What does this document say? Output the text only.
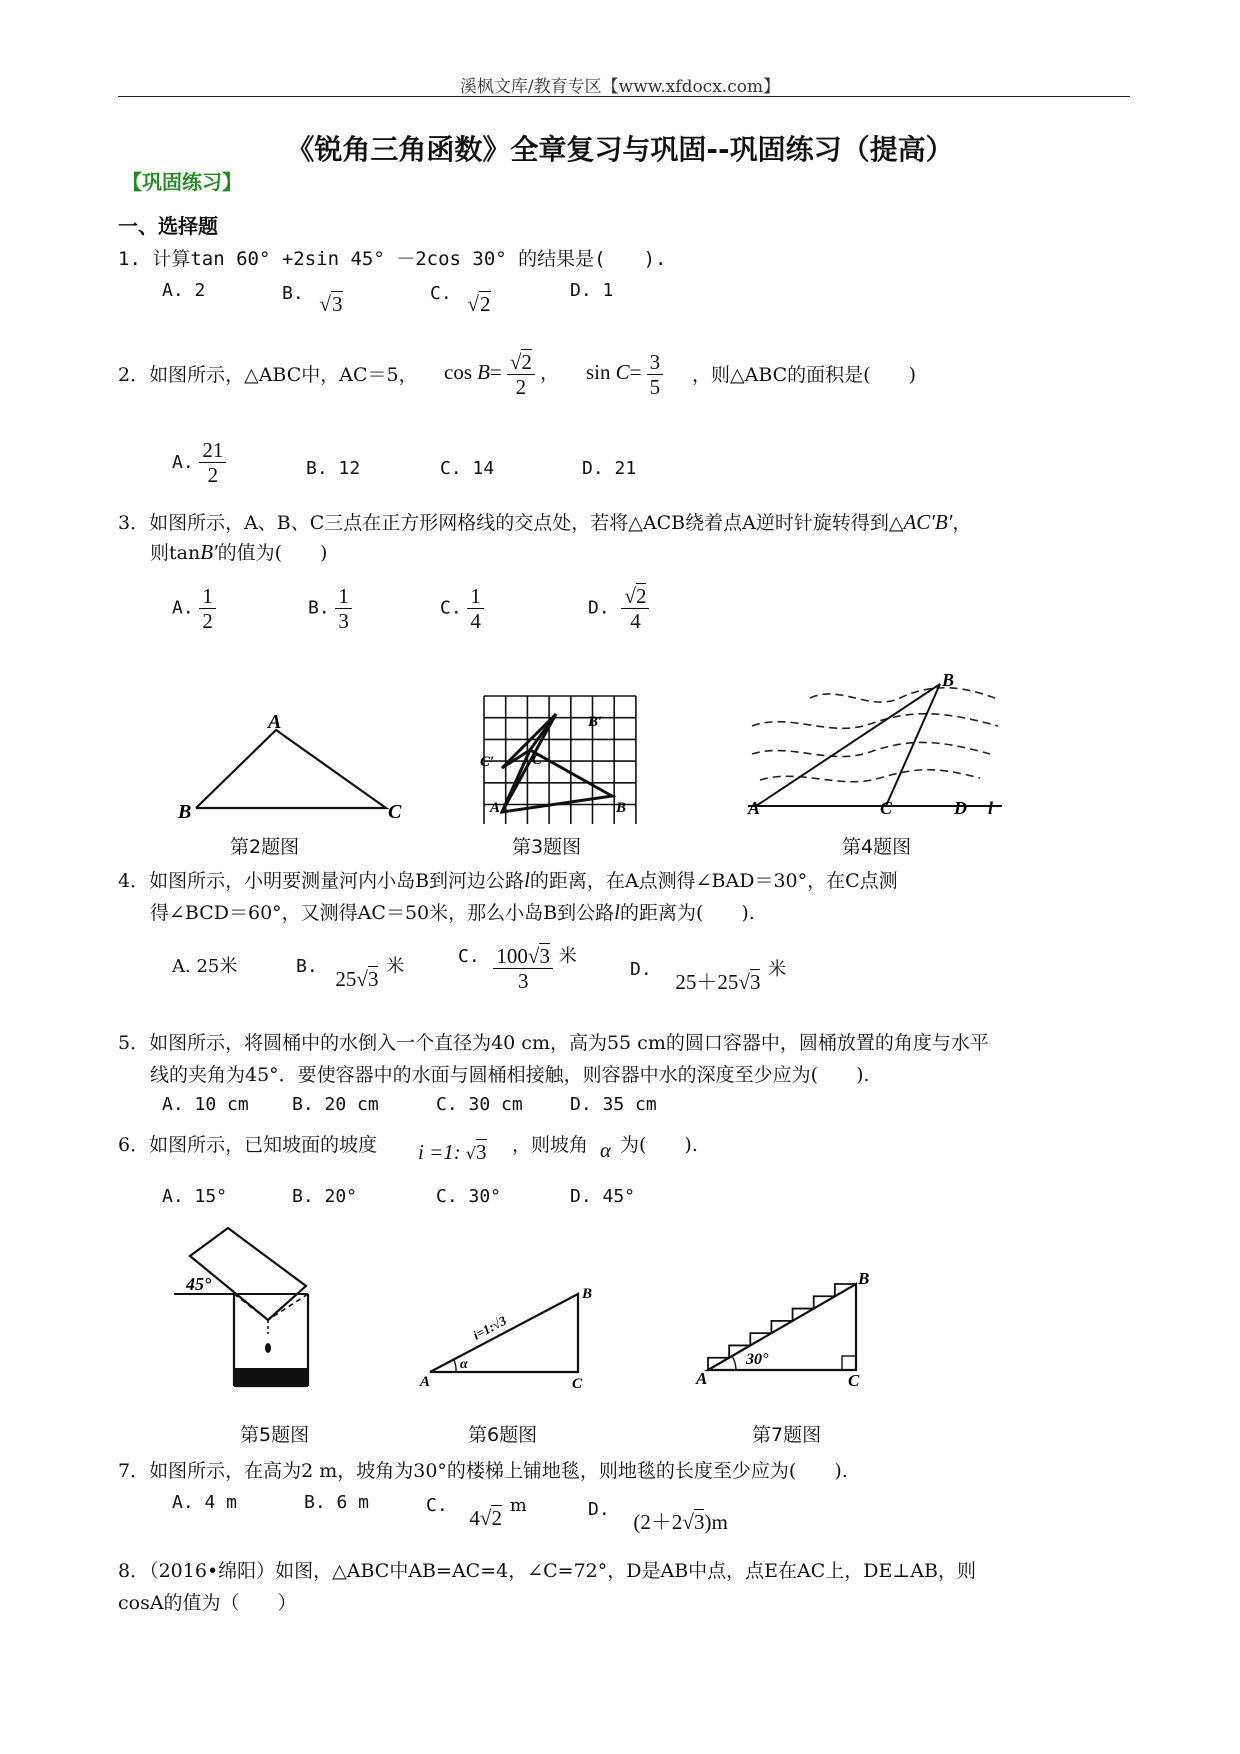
溪枫文库/教育专区【www.xfdocx.com】
《锐角三角函数》全章复习与巩固--巩固练习（提高）
【巩固练习】
一、选择题
1. 计算tan 60° +2sin 45° －2cos 30° 的结果是(　　).
A. 2	B. √3	C. √2
D. 1
2．如图所示，△ABC中，AC＝5， $\cos B= \frac{√2}{2}$ ， $\sin C= \frac{3}{5}$ ，则△ABC的面积是(　　)
A. $\frac{21}{2}$	B. 12	C. 14	D. 21
3．如图所示，A、B、C三点在正方形网格线的交点处，若将△ACB绕着点A逆时针旋转得到△AC′B′，
则tanB′的值为(　　)
A. $\frac{1}{2}$	B. $\frac{1}{3}$	C. $\frac{1}{4}$	D. $\frac{√2}{4}$
A
B	C
第2题图
A	B
C
B′
C′
第3题图
A	C	D l
B
第4题图
4．如图所示，小明要测量河内小岛B到河边公路l的距离，在A点测得∠BAD＝30°，在C点测
得∠BCD＝60°，又测得AC＝50米，那么小岛B到公路l的距离为(　　).
A. 25米	B. 25√3 米	C. $\frac{100√3}{3}$ 米
D. 25＋25√3 米
5．如图所示，将圆桶中的水倒入一个直径为40 cm，高为55 cm的圆口容器中，圆桶放置的角度与水平
线的夹角为45°．要使容器中的水面与圆桶相接触，则容器中水的深度至少应为(　　).
A. 10 cm B. 20 cm	C. 30 cm	D. 35 cm
6．如图所示，已知坡面的坡度 i =1: √3 ，则坡角 α 为(　　).
A. 15°	B. 20°	C. 30°	D. 45°
45°
第5题图
A
B
C
α
i=1:√3
第6题图
A
B
C
30°
第7题图
7．如图所示，在高为2 m，坡角为30°的楼梯上铺地毯，则地毯的长度至少应为(　　).
A. 4 m	B. 6 m	C. 4√2 m	D. (2＋2√3)m
8．（2016•绵阳）如图，△ABC中AB=AC=4，∠C=72°，D是AB中点，点E在AC上，DE⊥AB，则
cosA的值为（　　）
